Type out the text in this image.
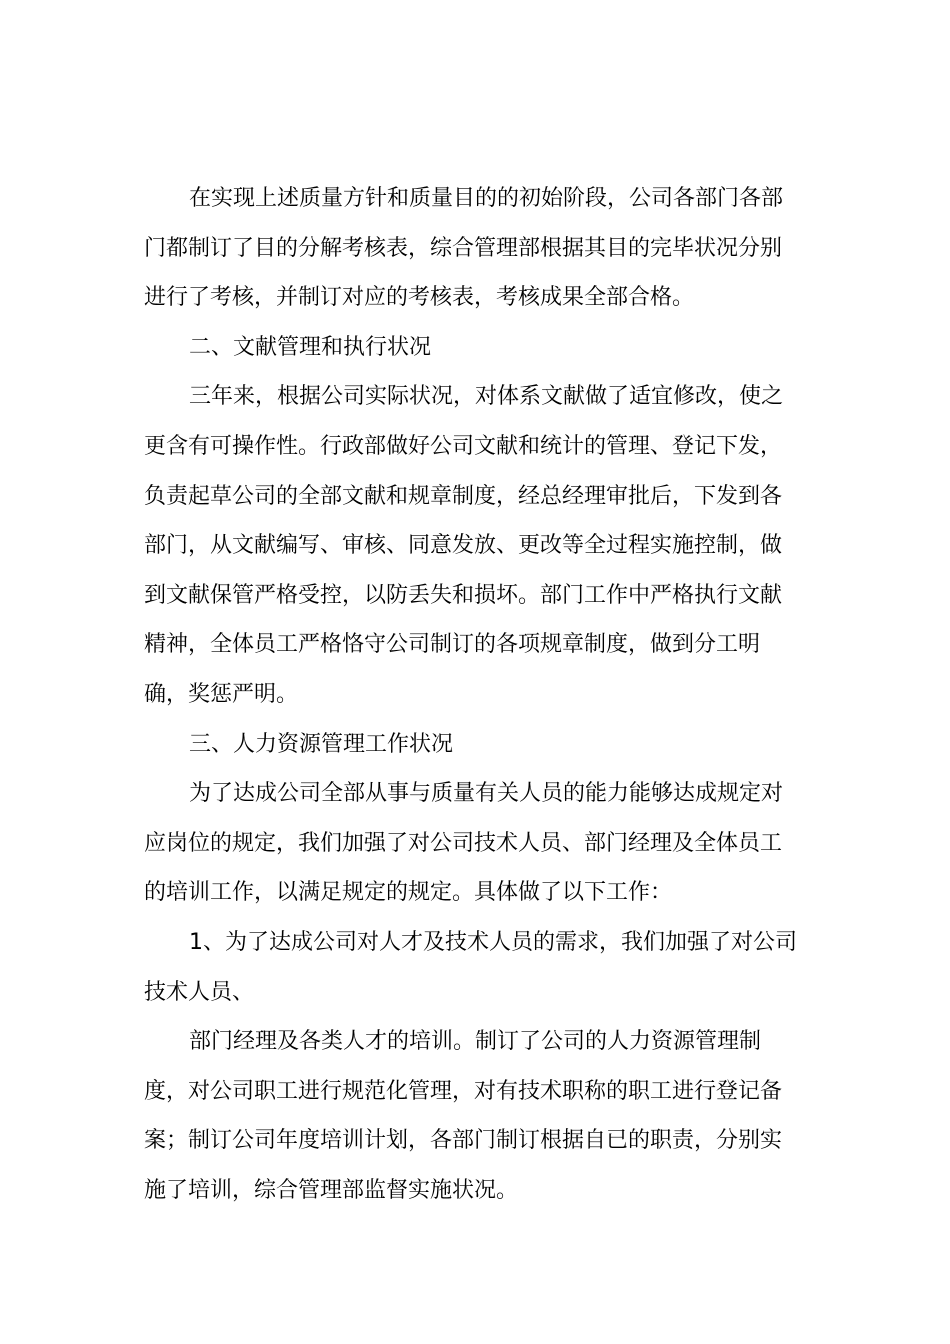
在实现上述质量方针和质量目的的初始阶段，公司各部门各部
门都制订了目的分解考核表，综合管理部根据其目的完毕状况分别
进行了考核，并制订对应的考核表，考核成果全部合格。
二、文献管理和执行状况
三年来，根据公司实际状况，对体系文献做了适宜修改，使之
更含有可操作性。行政部做好公司文献和统计的管理、登记下发，
负责起草公司的全部文献和规章制度，经总经理审批后，下发到各
部门，从文献编写、审核、同意发放、更改等全过程实施控制，做
到文献保管严格受控，以防丢失和损坏。部门工作中严格执行文献
精神，全体员工严格恪守公司制订的各项规章制度，做到分工明
确，奖惩严明。
三、人力资源管理工作状况
为了达成公司全部从事与质量有关人员的能力能够达成规定对
应岗位的规定，我们加强了对公司技术人员、部门经理及全体员工
的培训工作，以满足规定的规定。具体做了以下工作：
1、为了达成公司对人才及技术人员的需求，我们加强了对公司
技术人员、
部门经理及各类人才的培训。制订了公司的人力资源管理制
度，对公司职工进行规范化管理，对有技术职称的职工进行登记备
案；制订公司年度培训计划，各部门制订根据自已的职责，分别实
施了培训，综合管理部监督实施状况。
